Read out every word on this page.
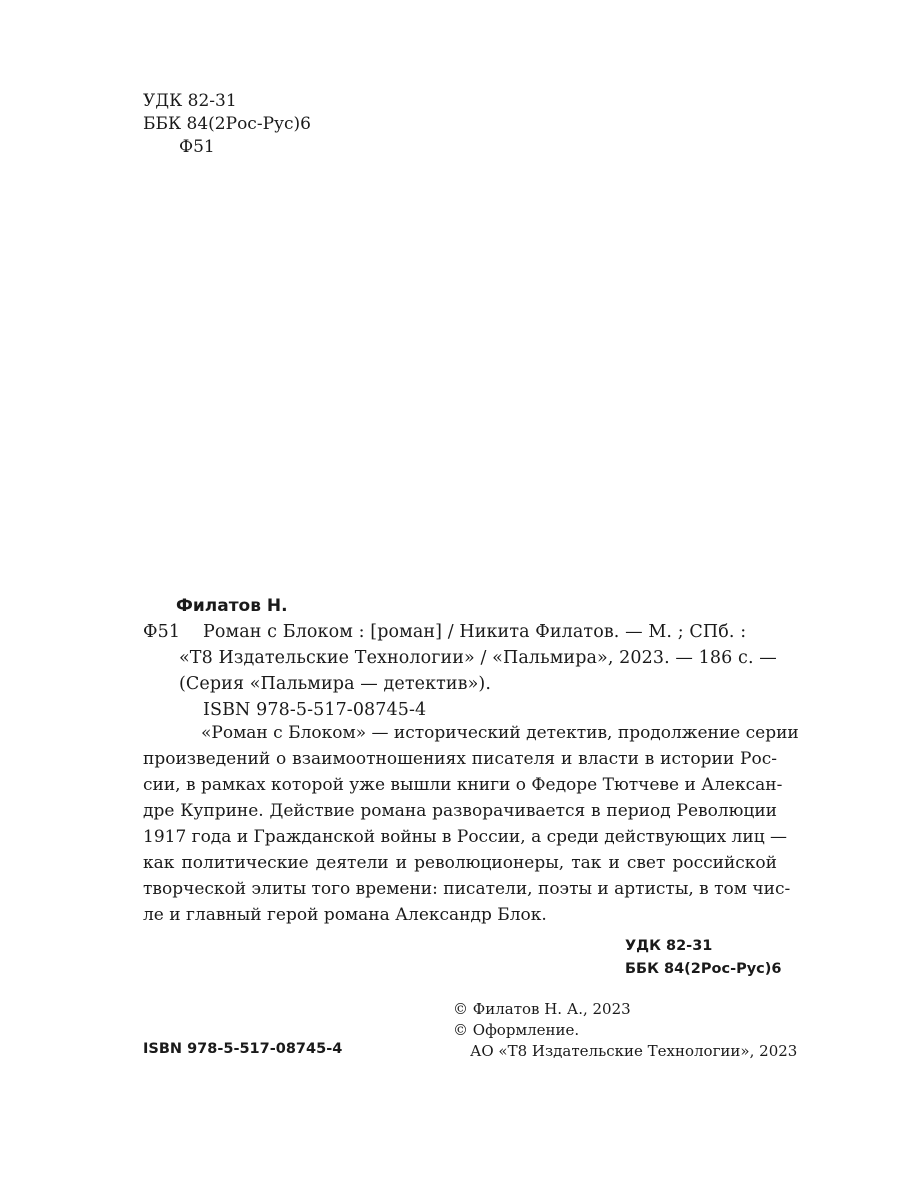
УДК 82-31
ББК 84(2Рос-Рус)6
Ф51
Филатов Н.
Ф51 Роман с Блоком : [роман] / Никита Филатов. — М. ; СПб. :
«Т8 Издательские Технологии» / «Пальмира», 2023. — 186 с. —
(Серия «Пальмира — детектив»).
ISBN 978-5-517-08745-4
«Роман с Блоком» — исторический детектив, продолжение серии
произведений о взаимоотношениях писателя и власти в истории Рос-
сии, в рамках которой уже вышли книги о Федоре Тютчеве и Алексан-
дре Куприне. Действие романа разворачивается в период Революции
1917 года и Гражданской войны в России, а среди действующих лиц —
как политические деятели и революционеры, так и свет российской
творческой элиты того времени: писатели, поэты и артисты, в том чис-
ле и главный герой романа Александр Блок.
УДК 82-31
ББК 84(2Рос-Рус)6
© Филатов Н. А., 2023
© Оформление.
АО «Т8 Издательские Технологии», 2023
ISBN 978-5-517-08745-4
